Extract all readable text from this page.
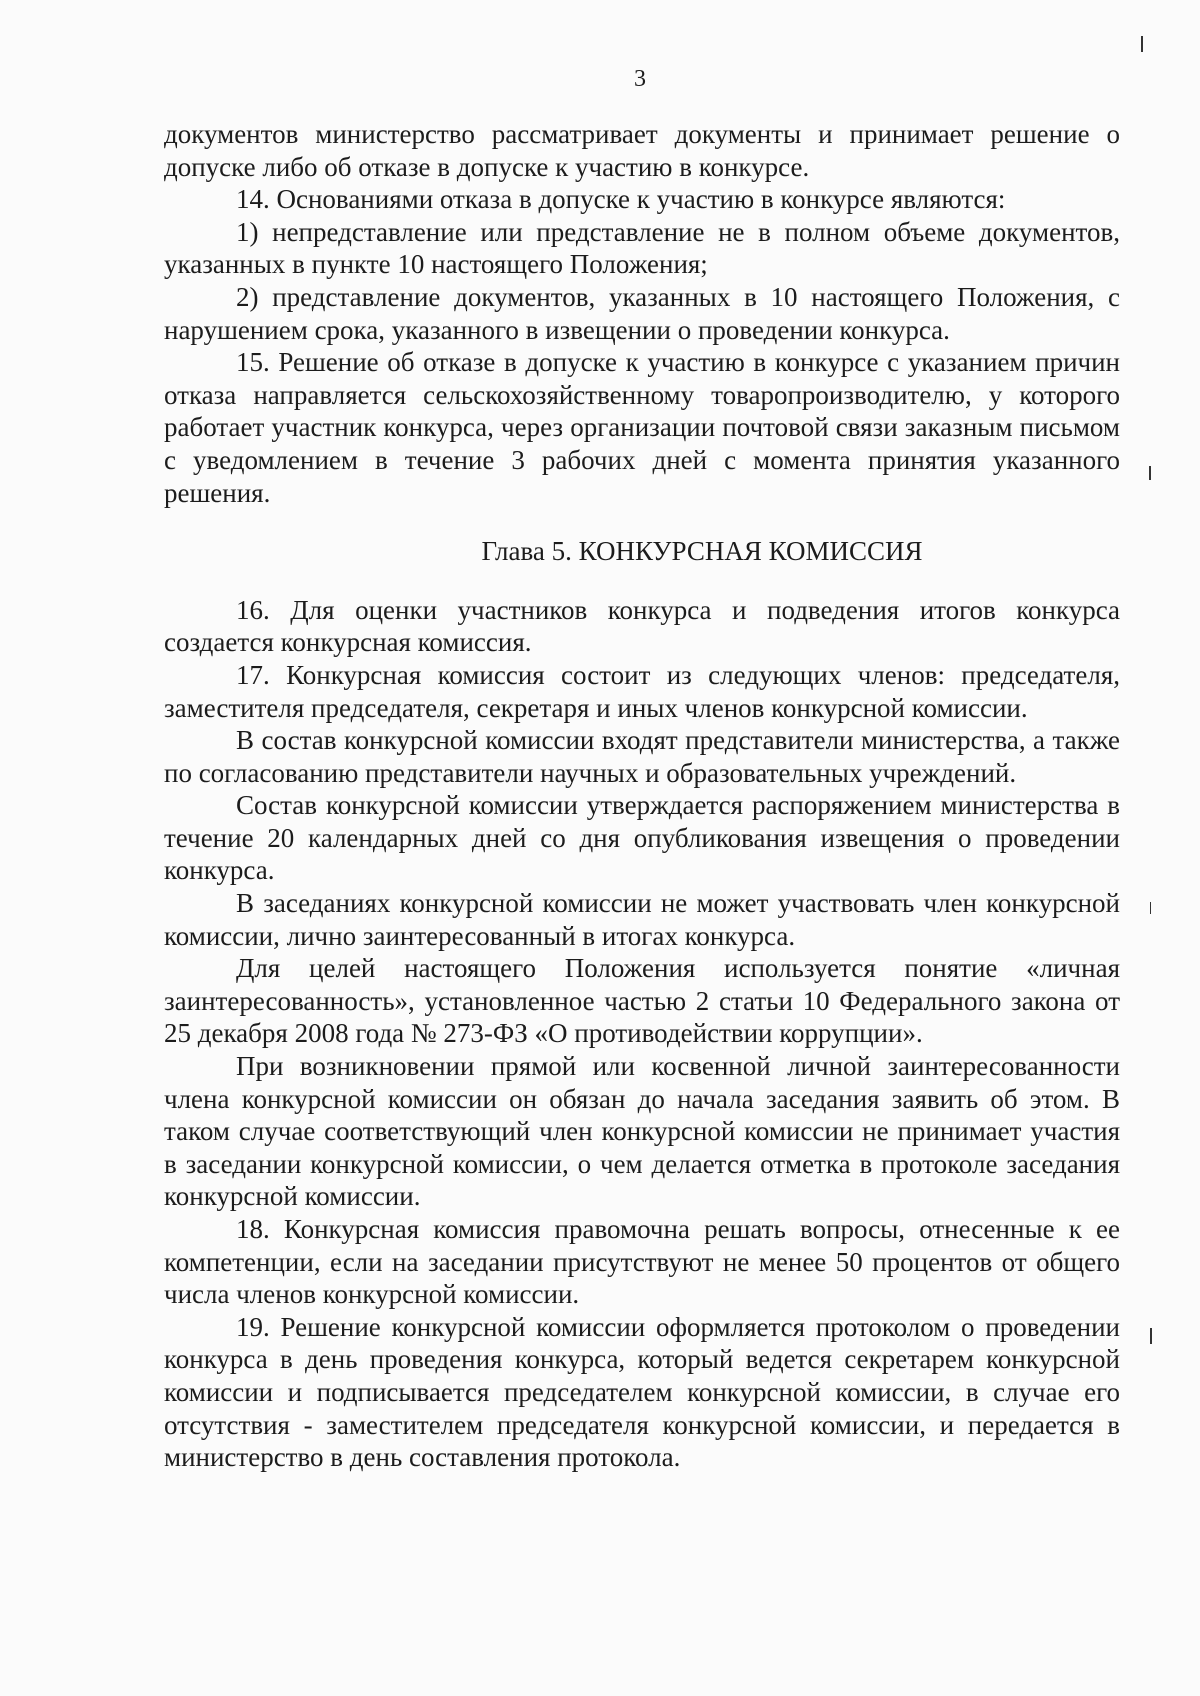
3

документов министерство рассматривает документы и принимает решение о допуске либо об отказе в допуске к участию в конкурсе.

14. Основаниями отказа в допуске к участию в конкурсе являются:

1) непредставление или представление не в полном объеме документов, указанных в пункте 10 настоящего Положения;

2) представление документов, указанных в 10 настоящего Положения, с нарушением срока, указанного в извещении о проведении конкурса.

15. Решение об отказе в допуске к участию в конкурсе с указанием причин отказа направляется сельскохозяйственному товаропроизводителю, у которого работает участник конкурса, через организации почтовой связи заказным письмом с уведомлением в течение 3 рабочих дней с момента принятия указанного решения.

Глава 5. КОНКУРСНАЯ КОМИССИЯ

16. Для оценки участников конкурса и подведения итогов конкурса создается конкурсная комиссия.

17. Конкурсная комиссия состоит из следующих членов: председателя, заместителя председателя, секретаря и иных членов конкурсной комиссии.

В состав конкурсной комиссии входят представители министерства, а также по согласованию представители научных и образовательных учреждений.

Состав конкурсной комиссии утверждается распоряжением министерства в течение 20 календарных дней со дня опубликования извещения о проведении конкурса.

В заседаниях конкурсной комиссии не может участвовать член конкурсной комиссии, лично заинтересованный в итогах конкурса.

Для целей настоящего Положения используется понятие «личная заинтересованность», установленное частью 2 статьи 10 Федерального закона от 25 декабря 2008 года № 273-ФЗ «О противодействии коррупции».

При возникновении прямой или косвенной личной заинтересованности члена конкурсной комиссии он обязан до начала заседания заявить об этом. В таком случае соответствующий член конкурсной комиссии не принимает участия в заседании конкурсной комиссии, о чем делается отметка в протоколе заседания конкурсной комиссии.

18. Конкурсная комиссия правомочна решать вопросы, отнесенные к ее компетенции, если на заседании присутствуют не менее 50 процентов от общего числа членов конкурсной комиссии.

19. Решение конкурсной комиссии оформляется протоколом о проведении конкурса в день проведения конкурса, который ведется секретарем конкурсной комиссии и подписывается председателем конкурсной комиссии, в случае его отсутствия - заместителем председателя конкурсной комиссии, и передается в министерство в день составления протокола.
